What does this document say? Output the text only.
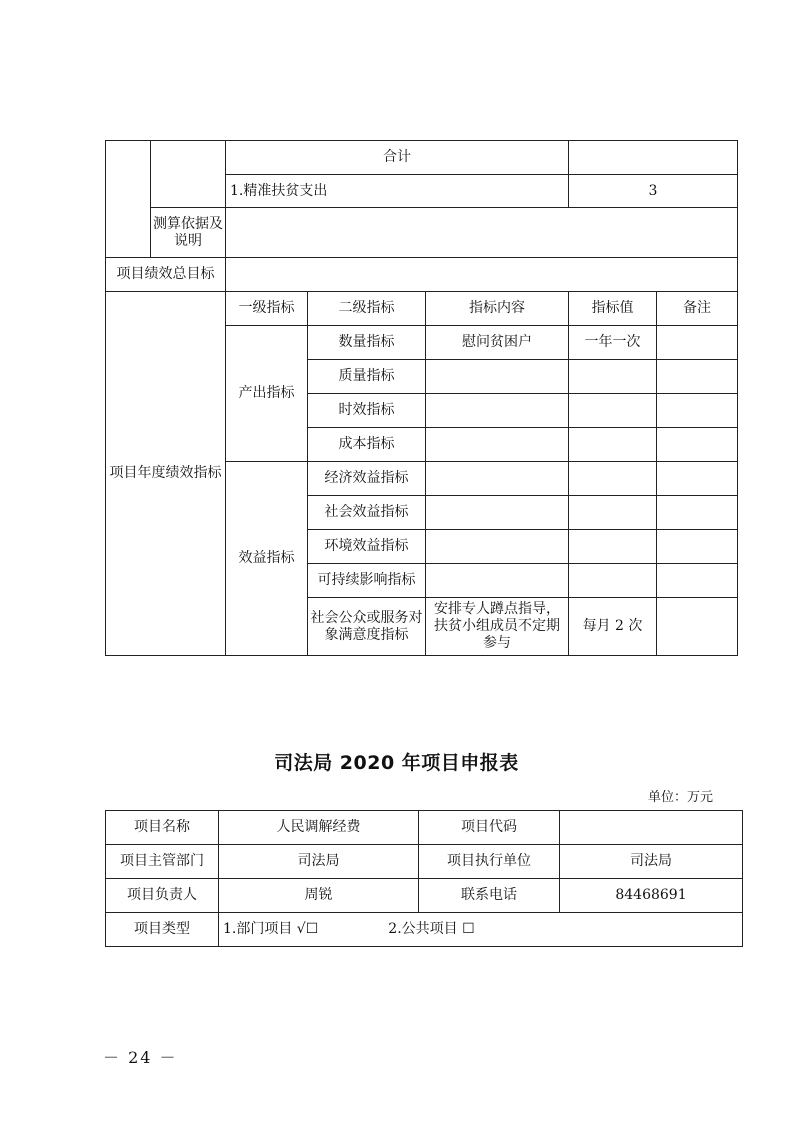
		合计				
		1.精准扶贫支出			3	
	测算依据及说明					
项目绩效总目标						
项目年度绩效指标		一级指标	二级指标	指标内容	指标值	备注
		产出指标	数量指标	慰问贫困户	一年一次	
			质量指标			
			时效指标			
			成本指标			
		效益指标	经济效益指标			
			社会效益指标			
			环境效益指标			
			可持续影响指标			
			社会公众或服务对象满意度指标	安排专人蹲点指导，扶贫小组成员不定期参与	每月 2 次	
司法局 2020 年项目申报表
单位：万元
项目名称	人民调解经费	项目代码	
项目主管部门	司法局	项目执行单位	司法局
项目负责人	周锐	联系电话	84468691
项目类型	1.部门项目 √☐ 2.公共项目 ☐		
－ 24 －
